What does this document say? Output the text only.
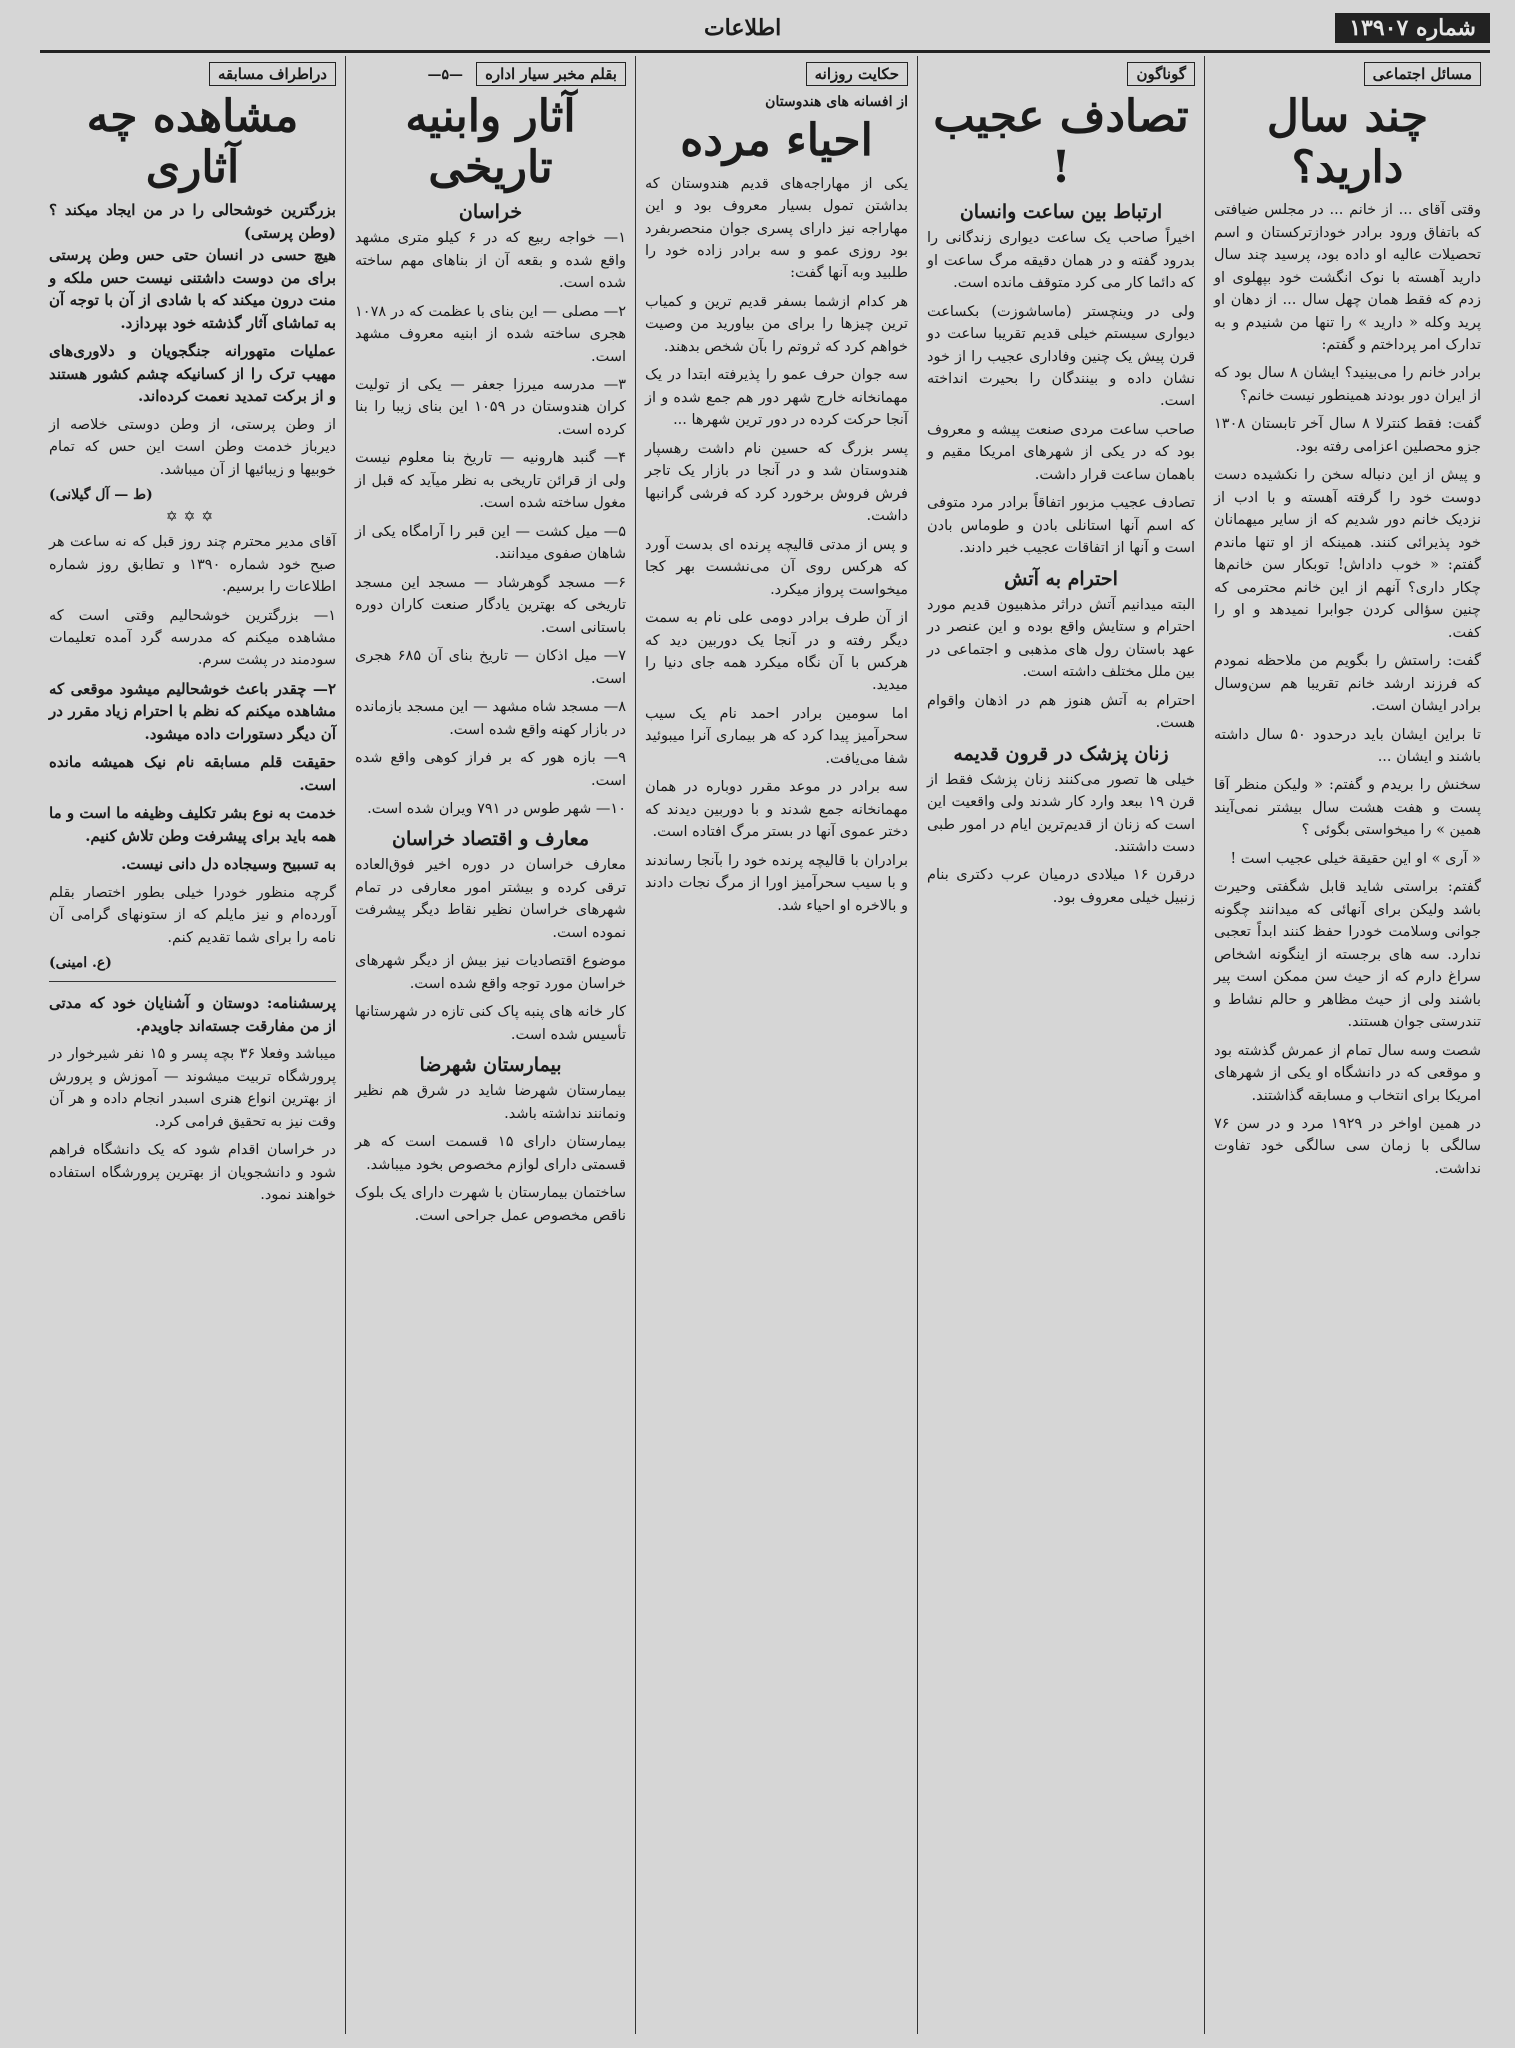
شماره ۱۳۹۰۷
اطلاعات
مسائل اجتماعی
چند سال دارید؟

وقتی آقای ... از خانم ... در مجلس ضیافتی که باتفاق ورود برادر خودازترکستان و اسم تحصیلات عالیه او داده بود، پرسید چند سال دارید آهسته با نوک انگشت خود بپهلوی او زدم که فقط همان چهل سال ... از دهان او پرید وکله « دارید » را تنها من شنیدم و به تدارک امر پرداختم و گفتم:

برادر خانم را می‌بینید؟ ایشان ۸ سال بود که از ایران دور بودند همینطور نیست خانم؟

گفت: فقط کنترلا ۸ سال آخر تابستان ۱۳۰۸ جزو محصلین اعزامی رفته بود.

و پیش از این دنباله سخن را نکشیده دست دوست خود را گرفته آهسته و با ادب از نزدیک خانم دور شدیم که از سایر میهمانان خود پذیرائی کنند. همینکه از او تنها ماندم گفتم: « خوب داداش! توبکار سن خانم‌ها چکار داری؟ آنهم از این خانم محترمی که چنین سؤالی کردن جوابرا نمیدهد و او را کفت.

گفت: راستش را بگویم من ملاحظه نمودم که فرزند ارشد خانم تقریبا هم سن‌وسال برادر ایشان است.

تا براین ایشان باید درحدود ۵۰ سال داشته باشند و ایشان ...

سخنش را بریدم و گفتم: « ولیکن منظر آقا پست و هفت هشت سال بیشتر نمی‌آیند همین » را میخواستی بگوئی ؟

« آری » او این حقیقة خیلی عجیب است !

گفتم: براستی شاید قابل شگفتی وحیرت باشد ولیکن برای آنهائی که میدانند چگونه جوانی وسلامت خودرا حفظ کنند ابداً تعجبی ندارد. سه های برجسته از اینگونه اشخاص سراغ دارم که از حیث سن ممکن است پیر باشند ولی از حیث مظاهر و حالم نشاط و تندرستی جوان هستند.

شصت وسه سال تمام از عمرش گذشته بود و موقعی که در دانشگاه او یکی از شهرهای امریکا برای انتخاب و مسابقه گذاشتند.

در همین اواخر در ۱۹۲۹ مرد و در سن ۷۶ سالگی با زمان سی سالگی خود تفاوت نداشت.

گوناگون
تصادف عجیب !
ارتباط بین ساعت وانسان

اخیراً صاحب یک ساعت دیواری زندگانی را بدرود گفته و در همان دقیقه مرگ ساعت او که دائما کار می کرد متوقف مانده است.

ولی در وینچستر (ماساشوزت) بکساعت دیواری سیستم خیلی قدیم تقریبا ساعت دو قرن پیش یک چنین وفاداری عجیب را از خود نشان داده و بینندگان را بحیرت انداخته است.

صاحب ساعت مردی صنعت پیشه و معروف بود که در یکی از شهرهای امریکا مقیم و باهمان ساعت قرار داشت.

تصادف عجیب مزبور اتفاقاً برادر مرد متوفی که اسم آنها استانلی بادن و طوماس بادن است و آنها از اتفاقات عجیب خبر دادند.

احترام به آتش

البته میدانیم آتش دراثر مذهبیون قدیم مورد احترام و ستایش واقع بوده و این عنصر در عهد باستان رول های مذهبی و اجتماعی در بین ملل مختلف داشته است.

احترام به آتش هنوز هم در اذهان واقوام هست.

زنان پزشک در قرون قدیمه

خیلی ها تصور می‌کنند زنان پزشک فقط از قرن ۱۹ ببعد وارد کار شدند ولی واقعیت این است که زنان از قدیم‌ترین ایام در امور طبی دست داشتند.

درقرن ۱۶ میلادی درمیان عرب دکتری بنام زنبیل خیلی معروف بود.

حکایت روزانه
از افسانه های هندوستان
احیاء مرده

یکی از مهاراجه‌های قدیم هندوستان که بداشتن تمول بسیار معروف بود و این مهاراجه نیز دارای پسری جوان منحصربفرد بود روزی عمو و سه برادر زاده خود را طلبید وبه آنها گفت:

هر کدام ازشما بسفر قدیم ترین و کمیاب ترین چیزها را برای من بیاورید من وصیت خواهم کرد که ثروتم را بآن شخص بدهند.

سه جوان حرف عمو را پذیرفته ابتدا در یک مهمانخانه خارج شهر دور هم جمع شده و از آنجا حرکت کرده در دور ترین شهرها ...

پسر بزرگ که حسین نام داشت رهسپار هندوستان شد و در آنجا در بازار یک تاجر فرش فروش برخورد کرد که فرشی گرانبها داشت.

و پس از مدتی قالیچه پرنده ای بدست آورد که هرکس روی آن می‌نشست بهر کجا میخواست پرواز میکرد.

از آن طرف برادر دومی علی نام به سمت دیگر رفته و در آنجا یک دوربین دید که هرکس با آن نگاه میکرد همه جای دنیا را میدید.

اما سومین برادر احمد نام یک سیب سحرآمیز پیدا کرد که هر بیماری آنرا میبوئید شفا می‌یافت.

سه برادر در موعد مقرر دوباره در همان مهمانخانه جمع شدند و با دوربین دیدند که دختر عموی آنها در بستر مرگ افتاده است.

برادران با قالیچه پرنده خود را بآنجا رساندند و با سیب سحرآمیز اورا از مرگ نجات دادند و بالاخره او احیاء شد.

بقلم مخبر سیار اداره —۵—
آثار وابنیه تاریخی
خراسان

۱— خواجه ربیع که در ۶ کیلو متری مشهد واقع شده و بقعه آن از بناهای مهم ساخته شده است.

۲— مصلی — این بنای با عظمت که در ۱۰۷۸ هجری ساخته شده از ابنیه معروف مشهد است.

۳— مدرسه میرزا جعفر — یکی از تولیت کران هندوستان در ۱۰۵۹ این بنای زیبا را بنا کرده است.

۴— گنبد هارونیه — تاریخ بنا معلوم نیست ولی از قرائن تاریخی به نظر میآید که قبل از مغول ساخته شده است.

۵— میل کشت — این قبر را آرامگاه یکی از شاهان صفوی میدانند.

۶— مسجد گوهرشاد — مسجد این مسجد تاریخی که بهترین یادگار صنعت کاران دوره باستانی است.

۷— میل اذکان — تاریخ بنای آن ۶۸۵ هجری است.

۸— مسجد شاه مشهد — این مسجد بازمانده در بازار کهنه واقع شده است.

۹— بازه هور که بر فراز کوهی واقع شده است.

۱۰— شهر طوس در ۷۹۱ ویران شده است.

معارف و اقتصاد خراسان

معارف خراسان در دوره اخیر فوق‌العاده ترقی کرده و بیشتر امور معارفی در تمام شهرهای خراسان نظیر نقاط دیگر پیشرفت نموده است.

موضوع اقتصادیات نیز بیش از دیگر شهرهای خراسان مورد توجه واقع شده است.

کار خانه های پنبه پاک کنی تازه در شهرستانها تأسیس شده است.

بیمارستان شهرضا

بیمارستان شهرضا شاید در شرق هم نظیر ونمانند نداشته باشد.

بیمارستان دارای ۱۵ قسمت است که هر قسمتی دارای لوازم مخصوص بخود میباشد.

ساختمان بیمارستان با شهرت دارای یک بلوک ناقص مخصوص عمل جراحی است.

دراطراف مسابقه
مشاهده چه آثاری
بزرگترین خوشحالی را در من ایجاد میکند ؟ (وطن پرستی)

هیچ حسی در انسان حتی حس وطن پرستی برای من دوست داشتنی نیست حس ملکه و منت درون میکند که با شادی از آن با توجه آن به تماشای آثار گذشته خود بپردازد.

عملیات متهورانه جنگجویان و دلاوری‌های مهیب ترک را از کسانیکه چشم کشور هستند و از برکت تمدید نعمت کرده‌اند.

از وطن پرستی، از وطن دوستی خلاصه از دیرباز خدمت وطن است این حس که تمام خوبیها و زیبائیها از آن میباشد.

(ط — آل گیلانی)
✡✡✡

آقای مدیر محترم چند روز قبل که نه ساعت هر صبح خود شماره ۱۳۹۰ و تطابق روز شماره اطلاعات را برسیم.

۱— بزرگترین خوشحالیم وقتی است که مشاهده میکنم که مدرسه گرد آمده تعلیمات سودمند در پشت سرم.

۲— چقدر باعث خوشحالیم میشود موقعی که مشاهده میکنم که نظم با احترام زیاد مقرر در آن دیگر دستورات داده میشود.

حقیقت قلم مسابقه نام نیک همیشه مانده است.

خدمت به نوع بشر تکلیف وظیفه ما است و ما همه باید برای پیشرفت وطن تلاش کنیم.

به تسبیح وسیجاده دل دانی نیست.

گرچه منظور خودرا خیلی بطور اختصار بقلم آورده‌ام و نیز مایلم که از ستونهای گرامی آن نامه را برای شما تقدیم کنم.

(ع. امینی)

پرسشنامه: دوستان و آشنایان خود که مدتی از من مفارقت جسته‌اند جاویدم.

میباشد وفعلا ۳۶ بچه پسر و ۱۵ نفر شیرخوار در پرورشگاه تربیت میشوند — آموزش و پرورش از بهترین انواع هنری اسبدر انجام داده و هر آن وقت نیز به تحقیق فرامی کرد.

در خراسان اقدام شود که یک دانشگاه فراهم شود و دانشجویان از بهترین پرورشگاه استفاده خواهند نمود.
